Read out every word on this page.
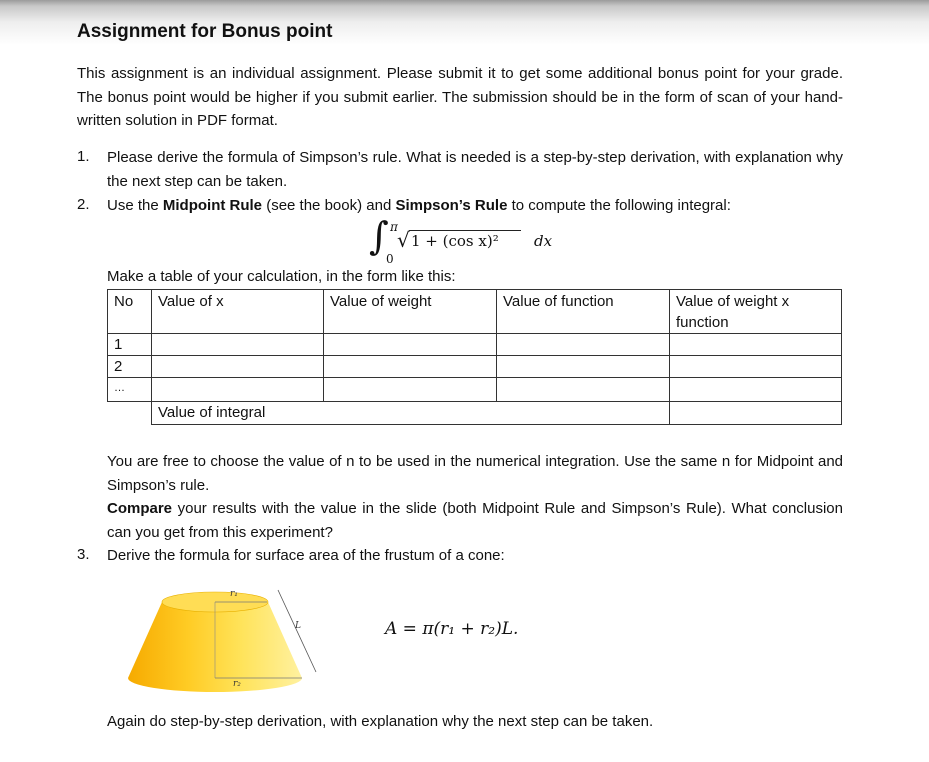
Assignment for Bonus point
This assignment is an individual assignment. Please submit it to get some additional bonus point for your grade. The bonus point would be higher if you submit earlier. The submission should be in the form of scan of your hand-written solution in PDF format.
1. Please derive the formula of Simpson’s rule. What is needed is a step-by-step derivation, with explanation why the next step can be taken.
2. Use the Midpoint Rule (see the book) and Simpson’s Rule to compute the following integral:
∫ π
0
√ 1 + (cos x)² dx
Make a table of your calculation, in the form like this:
No	Value of x	Value of weight	Value of function	Value of weight x function
1				
2				
…				
	Value of integral			
You are free to choose the value of n to be used in the numerical integration. Use the same n for Midpoint and Simpson’s rule.
Compare your results with the value in the slide (both Midpoint Rule and Simpson’s Rule). What conclusion can you get from this experiment?
3. Derive the formula for surface area of the frustum of a cone:
r₁
r₂
L	A = π(r₁ + r₂)L.
Again do step-by-step derivation, with explanation why the next step can be taken.
